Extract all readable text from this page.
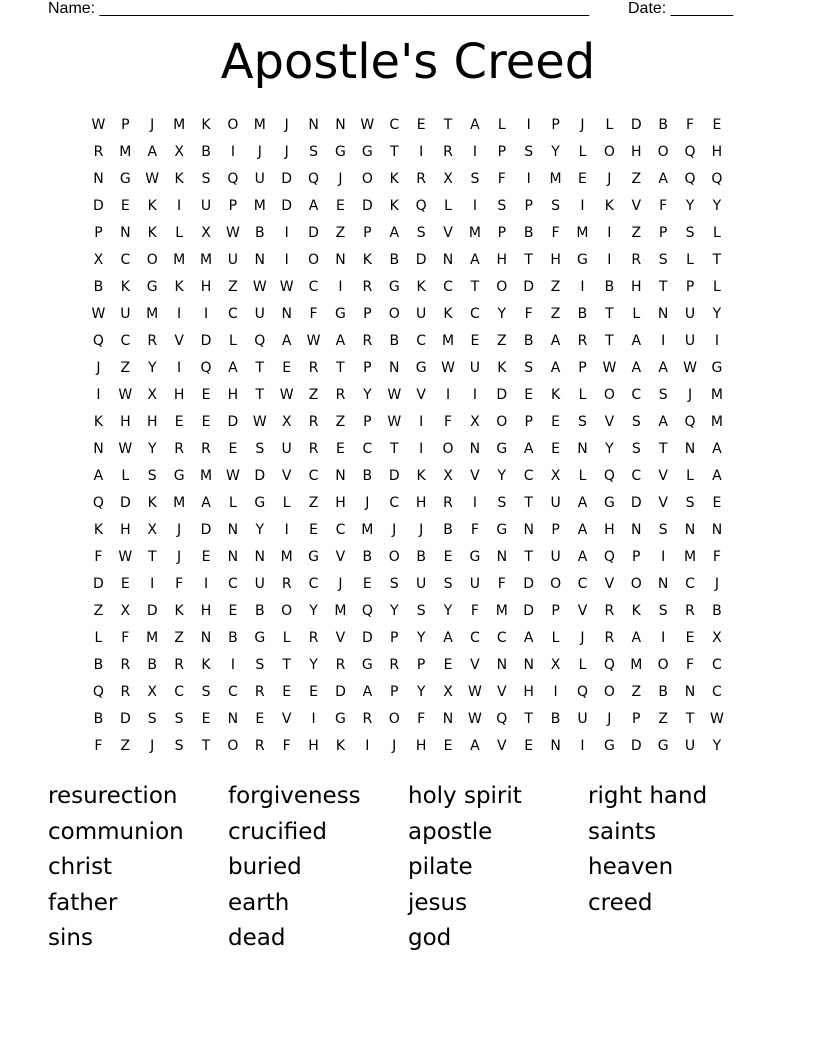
Name: _______________________________________________________ Date: _______
Apostle's Creed
W	P	J	M	K	O	M	J	N	N	W	C	E	T	A	L	I	P	J	L	D	B	F	E
R	M	A	X	B	I	J	J	S	G	G	T	I	R	I	P	S	Y	L	O	H	O	Q	H
N	G	W	K	S	Q	U	D	Q	J	O	K	R	X	S	F	I	M	E	J	Z	A	Q	Q
D	E	K	I	U	P	M	D	A	E	D	K	Q	L	I	S	P	S	I	K	V	F	Y	Y
P	N	K	L	X	W	B	I	D	Z	P	A	S	V	M	P	B	F	M	I	Z	P	S	L
X	C	O	M	M	U	N	I	O	N	K	B	D	N	A	H	T	H	G	I	R	S	L	T
B	K	G	K	H	Z	W W	C	I	R	G	K	C	T	O	D	Z	I	B	H	T	P	L
W	U	M	I	I	C	U	N	F	G	P	O	U	K	C	Y	F	Z	B	T	L	N	U	Y
Q	C	R	V	D	L	Q	A	W	A	R	B	C	M	E	Z	B	A	R	T	A	I	U	I
J	Z	Y	I	Q	A	T	E	R	T	P	N	G	W	U	K	S	A	P	W	A	A	W	G
I	W	X	H	E	H	T	W	Z	R	Y	W	V	I	I	D	E	K	L	O	C	S	J	M
K	H	H	E	E	D	W	X	R	Z	P	W	I	F	X	O	P	E	S	V	S	A	Q	M
N	W	Y	R	R	E	S	U	R	E	C	T	I	O	N	G	A	E	N	Y	S	T	N	A
A	L	S	G	M W	D	V	C	N	B	D	K	X	V	Y	C	X	L	Q	C	V	L	A
Q	D	K	M	A	L	G	L	Z	H	J	C	H	R	I	S	T	U	A	G	D	V	S	E
K	H	X	J	D	N	Y	I	E	C	M	J	J	B	F	G	N	P	A	H	N	S	N	N
F	W	T	J	E	N	N	M	G	V	B	O	B	E	G	N	T	U	A	Q	P	I	M	F
D	E	I	F	I	C	U	R	C	J	E	S	U	S	U	F	D	O	C	V	O	N	C	J
Z	X	D	K	H	E	B	O	Y	M	Q	Y	S	Y	F	M	D	P	V	R	K	S	R	B
L	F	M	Z	N	B	G	L	R	V	D	P	Y	A	C	C	A	L	J	R	A	I	E	X
B	R	B	R	K	I	S	T	Y	R	G	R	P	E	V	N	N	X	L	Q	M	O	F	C
Q	R	X	C	S	C	R	E	E	D	A	P	Y	X	W	V	H	I	Q	O	Z	B	N	C
B	D	S	S	E	N	E	V	I	G	R	O	F	N	W	Q	T	B	U	J	P	Z	T	W
F	Z	J	S	T	O	R	F	H	K	I	J	H	E	A	V	E	N	I	G	D	G	U	Y
resurection	forgiveness	holy spirit	right hand
communion	crucified	apostle	saints
christ	buried	pilate	heaven
father	earth	jesus	creed
sins	dead	god
